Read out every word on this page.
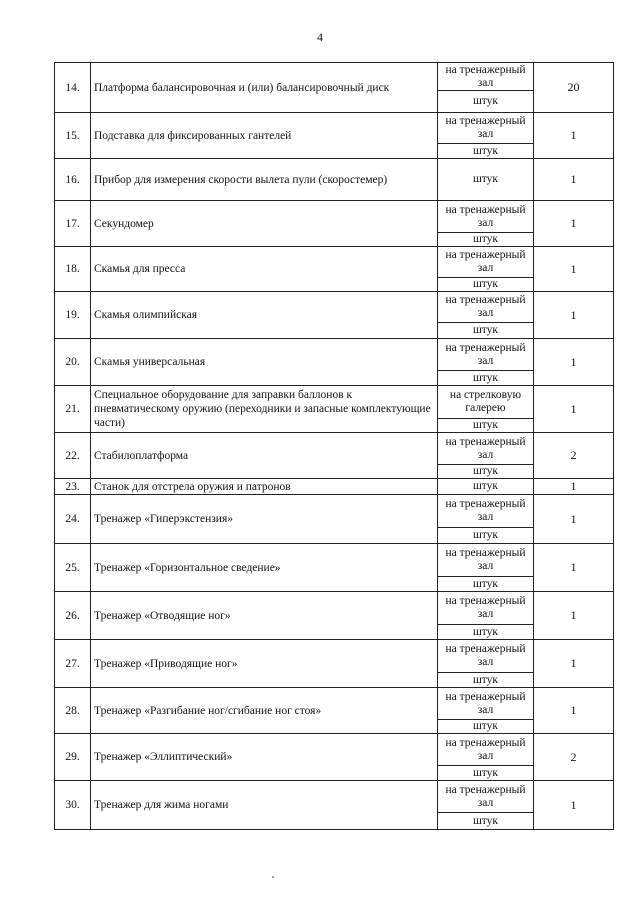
4
14.	Платформа балансировочная и (или) балансировочный диск	на тренажерный зал	20
		штук	
15.	Подставка для фиксированных гантелей	на тренажерный зал	1
		штук	
16.	Прибор для измерения скорости вылета пули (скоростемер)	штук	1
17.	Секундомер	на тренажерный зал	1
		штук	
18.	Скамья для пресса	на тренажерный зал	1
		штук	
19.	Скамья олимпийская	на тренажерный зал	1
		штук	
20.	Скамья универсальная	на тренажерный зал	1
		штук	
21.	Специальное оборудование для заправки баллонов к пневматическому оружию (переходники и запасные комплектующие части)	на стрелковую галерею	1
		штук	
22.	Стабилоплатформа	на тренажерный зал	2
		штук	
23.	Станок для отстрела оружия и патронов	штук	1
24.	Тренажер «Гиперэкстензия»	на тренажерный зал	1
		штук	
25.	Тренажер «Горизонтальное сведение»	на тренажерный зал	1
		штук	
26.	Тренажер «Отводящие ног»	на тренажерный зал	1
		штук	
27.	Тренажер «Приводящие ног»	на тренажерный зал	1
		штук	
28.	Тренажер «Разгибание ног/сгибание ног стоя»	на тренажерный зал	1
		штук	
29.	Тренажер «Эллиптический»	на тренажерный зал	2
		штук	
30.	Тренажер для жима ногами	на тренажерный зал	1
		штук	
